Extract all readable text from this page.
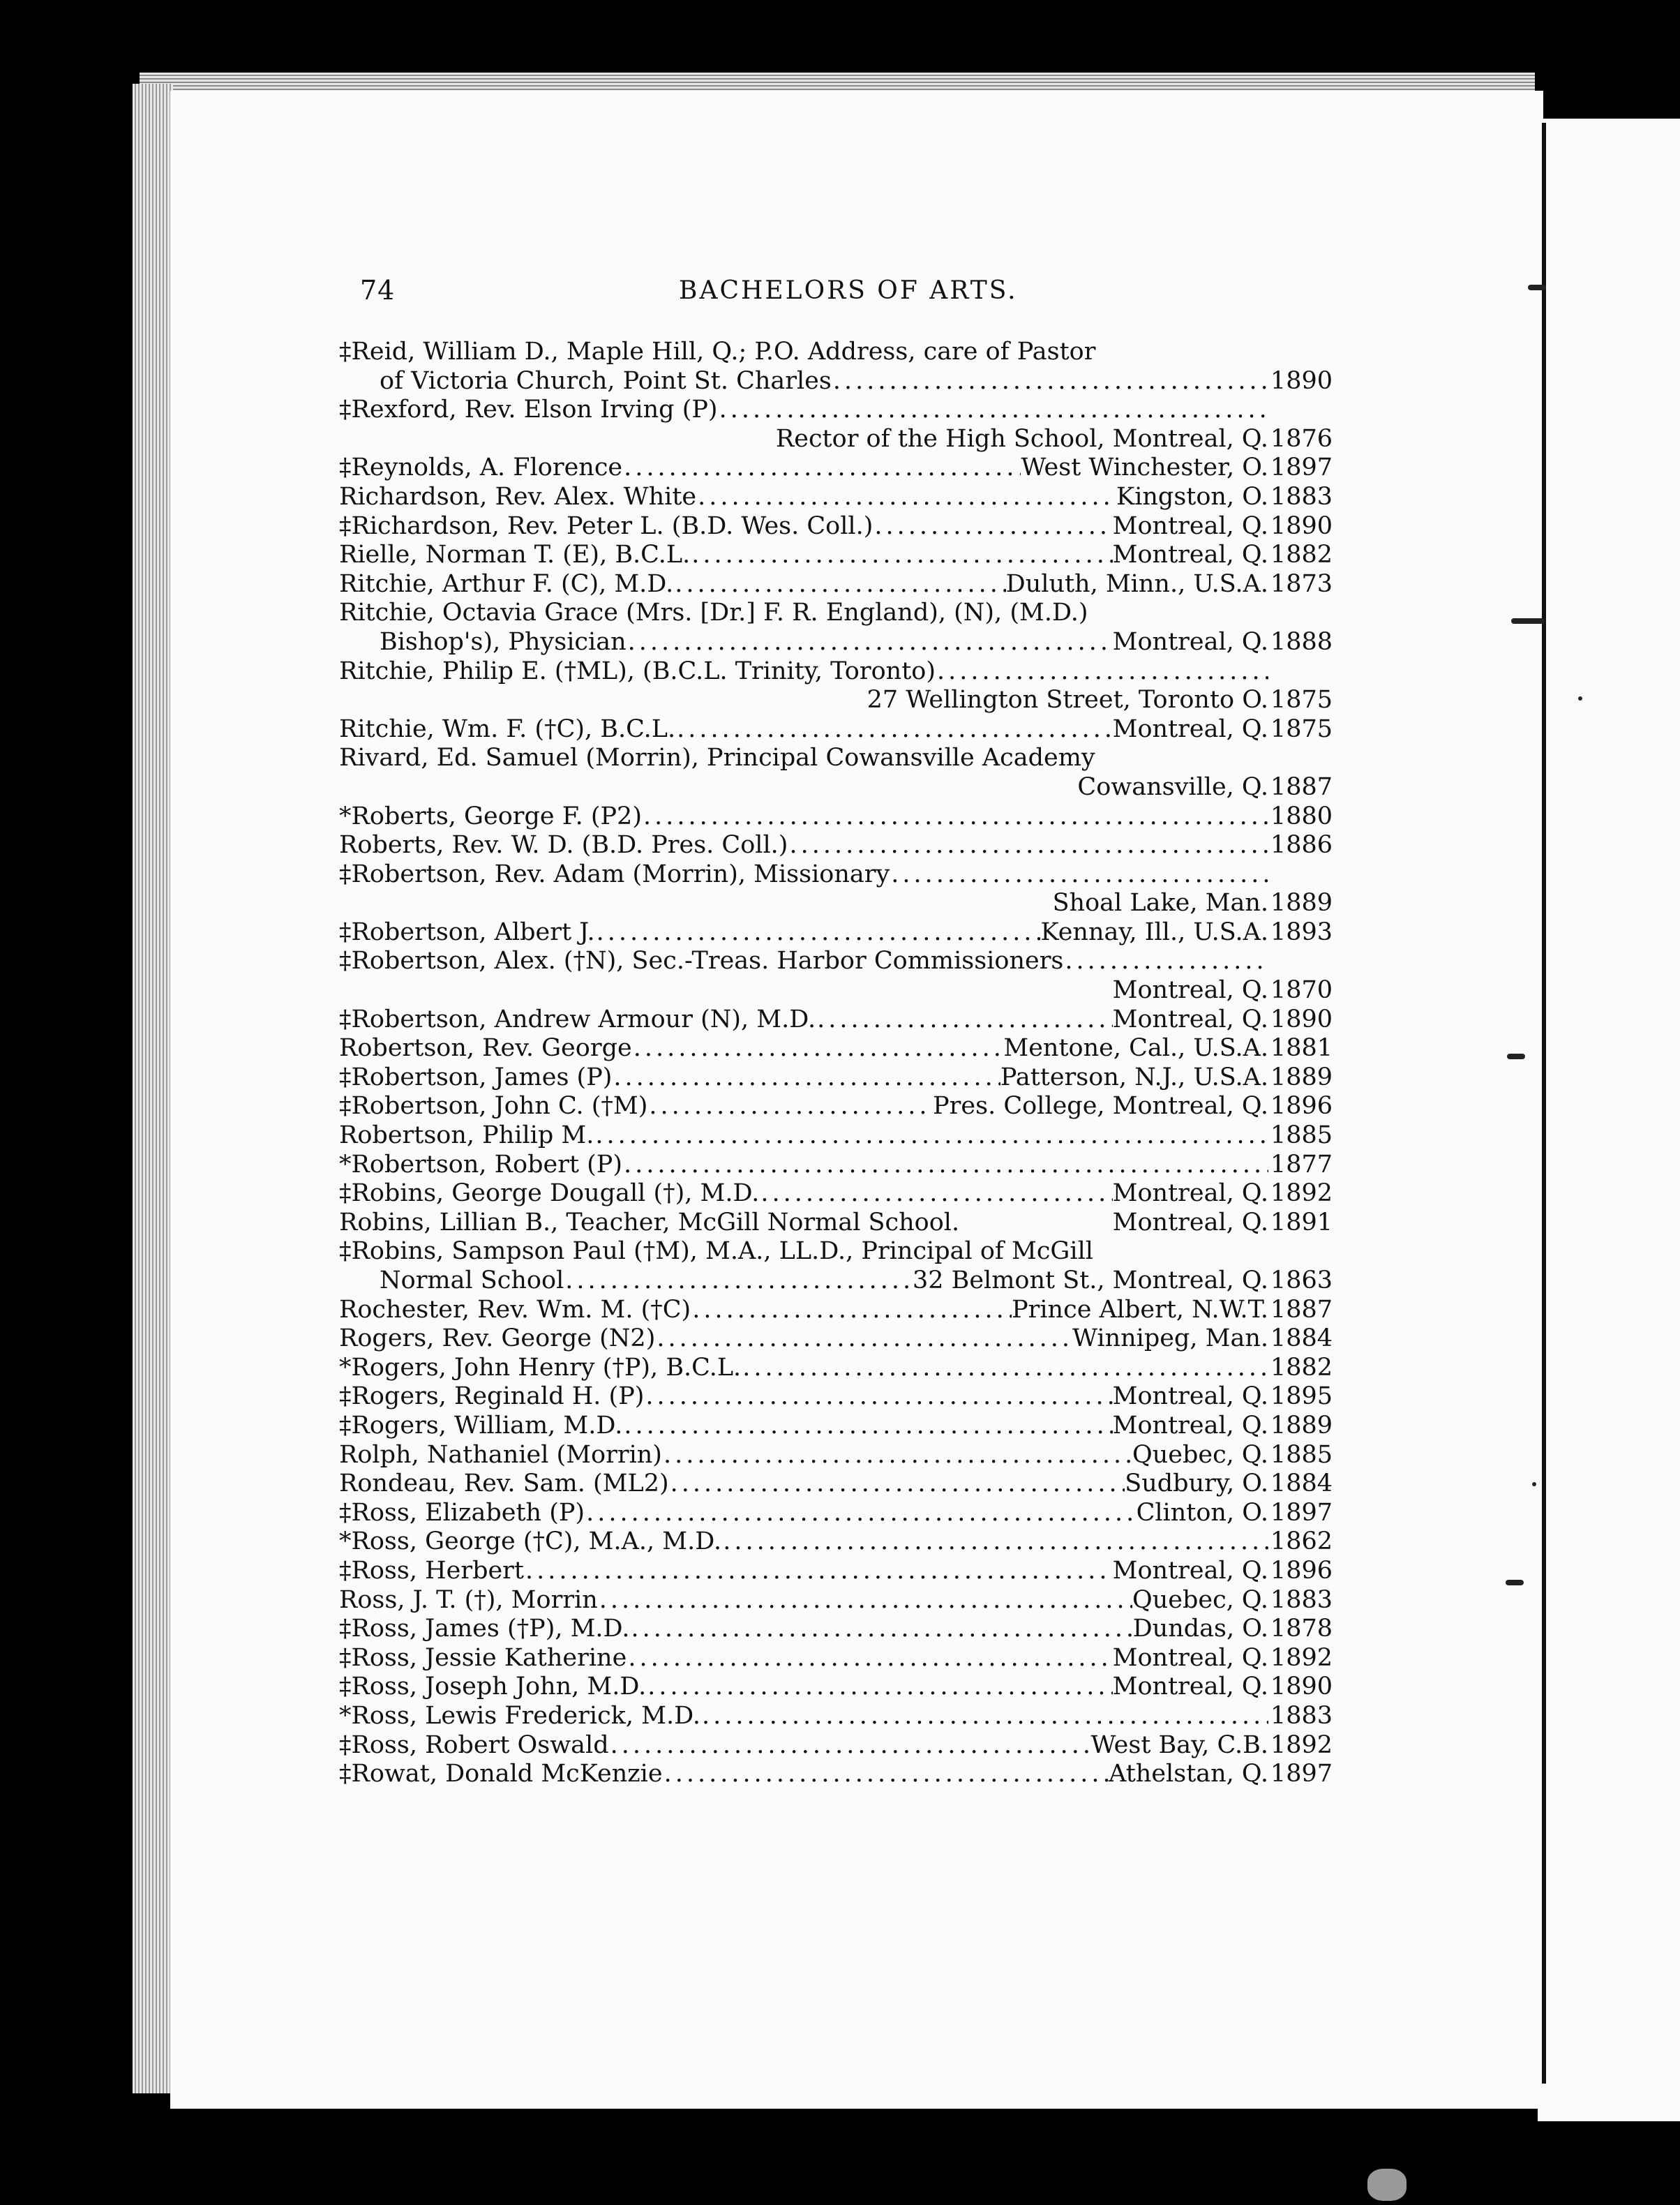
74	BACHELORS OF ARTS.
‡Reid, William D., Maple Hill, Q.; P.O. Address, care of Pastor
of Victoria Church, Point St. Charles .....	1890
‡Rexford, Rev. Elson Irving (P)
.....
Rector of the High School, Montreal, Q. 1876
‡Reynolds, A. Florence .....	West Winchester, O. 1897
Richardson, Rev. Alex. White .....	Kingston, O. 1883
‡Richardson, Rev. Peter L. (B.D. Wes. Coll.) .....	Montreal, Q. 1890
Rielle, Norman T. (E), B.C.L. .....	Montreal, Q. 1882
Ritchie, Arthur F. (C), M.D. .....	Duluth, Minn., U.S.A. 1873
Ritchie, Octavia Grace (Mrs. [Dr.] F. R. England), (N), (M.D.)
Bishop's), Physician .....	Montreal, Q. 1888
Ritchie, Philip E. (†ML), (B.C.L. Trinity, Toronto)
.....
27 Wellington Street, Toronto O. 1875
Ritchie, Wm. F. (†C), B.C.L. .....	Montreal, Q. 1875
Rivard, Ed. Samuel (Morrin), Principal Cowansville Academy
Cowansville, Q. 1887
*Roberts, George F. (P2) .....	1880
Roberts, Rev. W. D. (B.D. Pres. Coll.) .....	1886
‡Robertson, Rev. Adam (Morrin), Missionary
.....
Shoal Lake, Man. 1889
‡Robertson, Albert J. .....	Kennay, Ill., U.S.A. 1893
‡Robertson, Alex. (†N), Sec.-Treas. Harbor Commissioners
.....
Montreal, Q. 1870
‡Robertson, Andrew Armour (N), M.D. .....	Montreal, Q. 1890
Robertson, Rev. George .....	Mentone, Cal., U.S.A. 1881
‡Robertson, James (P) .....	Patterson, N.J., U.S.A. 1889
‡Robertson, John C. (†M) .....	Pres. College, Montreal, Q. 1896
Robertson, Philip M. .....	1885
*Robertson, Robert (P) .....	1877
‡Robins, George Dougall (†), M.D. .....	Montreal, Q. 1892
Robins, Lillian B., Teacher, McGill Normal School.	Montreal, Q. 1891
‡Robins, Sampson Paul (†M), M.A., LL.D., Principal of McGill
Normal School .....	32 Belmont St., Montreal, Q. 1863
Rochester, Rev. Wm. M. (†C) .....	Prince Albert, N.W.T. 1887
Rogers, Rev. George (N2) .....	Winnipeg, Man. 1884
*Rogers, John Henry (†P), B.C.L. .....	1882
‡Rogers, Reginald H. (P) .....	Montreal, Q. 1895
‡Rogers, William, M.D. .....	Montreal, Q. 1889
Rolph, Nathaniel (Morrin) .....	Quebec, Q. 1885
Rondeau, Rev. Sam. (ML2) .....	Sudbury, O. 1884
‡Ross, Elizabeth (P) .....	Clinton, O. 1897
*Ross, George (†C), M.A., M.D. .....	1862
‡Ross, Herbert .....	Montreal, Q. 1896
Ross, J. T. (†), Morrin .....	Quebec, Q. 1883
‡Ross, James (†P), M.D. .....	Dundas, O. 1878
‡Ross, Jessie Katherine .....	Montreal, Q. 1892
‡Ross, Joseph John, M.D. .....	Montreal, Q. 1890
*Ross, Lewis Frederick, M.D. .....	1883
‡Ross, Robert Oswald .....	West Bay, C.B. 1892
‡Rowat, Donald McKenzie .....	Athelstan, Q. 1897
